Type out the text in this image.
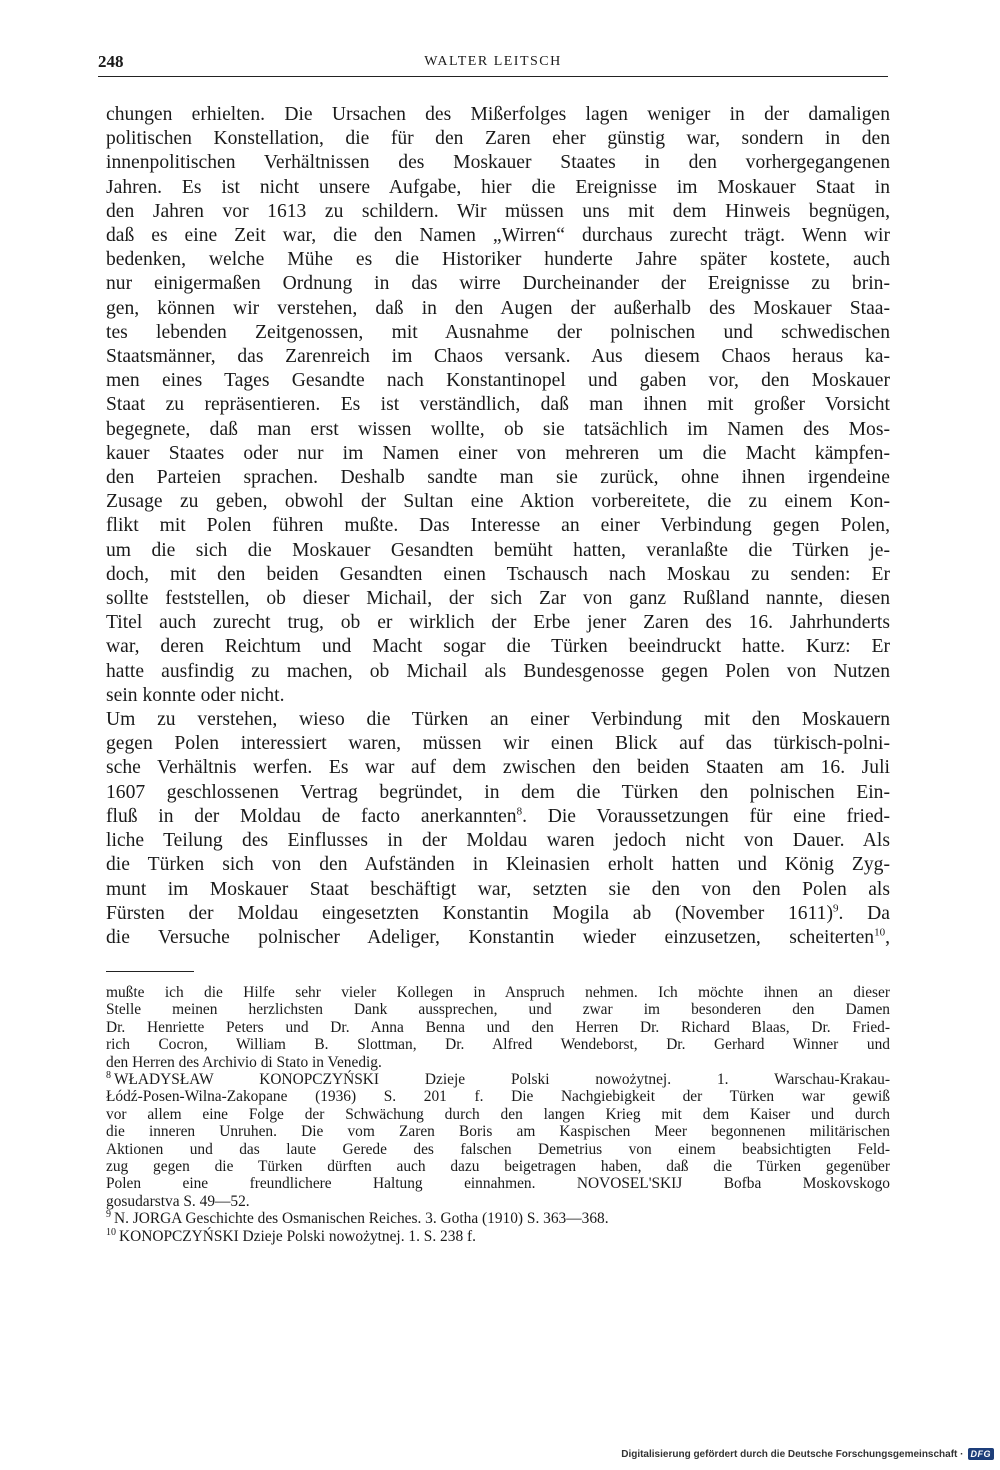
248	WALTER LEITSCH
chungen erhielten. Die Ursachen des Mißerfolges lagen weniger in der damaligen
politischen Konstellation, die für den Zaren eher günstig war, sondern in den
innenpolitischen Verhältnissen des Moskauer Staates in den vorhergegangenen
Jahren. Es ist nicht unsere Aufgabe, hier die Ereignisse im Moskauer Staat in
den Jahren vor 1613 zu schildern. Wir müssen uns mit dem Hinweis begnügen,
daß es eine Zeit war, die den Namen „Wirren“ durchaus zurecht trägt. Wenn wir
bedenken, welche Mühe es die Historiker hunderte Jahre später kostete, auch
nur einigermaßen Ordnung in das wirre Durcheinander der Ereignisse zu brin-
gen, können wir verstehen, daß in den Augen der außerhalb des Moskauer Staa-
tes lebenden Zeitgenossen, mit Ausnahme der polnischen und schwedischen
Staatsmänner, das Zarenreich im Chaos versank. Aus diesem Chaos heraus ka-
men eines Tages Gesandte nach Konstantinopel und gaben vor, den Moskauer
Staat zu repräsentieren. Es ist verständlich, daß man ihnen mit großer Vorsicht
begegnete, daß man erst wissen wollte, ob sie tatsächlich im Namen des Mos-
kauer Staates oder nur im Namen einer von mehreren um die Macht kämpfen-
den Parteien sprachen. Deshalb sandte man sie zurück, ohne ihnen irgendeine
Zusage zu geben, obwohl der Sultan eine Aktion vorbereitete, die zu einem Kon-
flikt mit Polen führen mußte. Das Interesse an einer Verbindung gegen Polen,
um die sich die Moskauer Gesandten bemüht hatten, veranlaßte die Türken je-
doch, mit den beiden Gesandten einen Tschausch nach Moskau zu senden: Er
sollte feststellen, ob dieser Michail, der sich Zar von ganz Rußland nannte, diesen
Titel auch zurecht trug, ob er wirklich der Erbe jener Zaren des 16. Jahrhunderts
war, deren Reichtum und Macht sogar die Türken beeindruckt hatte. Kurz: Er
hatte ausfindig zu machen, ob Michail als Bundesgenosse gegen Polen von Nutzen
sein konnte oder nicht.
Um zu verstehen, wieso die Türken an einer Verbindung mit den Moskauern
gegen Polen interessiert waren, müssen wir einen Blick auf das türkisch-polni-
sche Verhältnis werfen. Es war auf dem zwischen den beiden Staaten am 16. Juli
1607 geschlossenen Vertrag begründet, in dem die Türken den polnischen Ein-
fluß in der Moldau de facto anerkannten$^8$. Die Voraussetzungen für eine fried-
liche Teilung des Einflusses in der Moldau waren jedoch nicht von Dauer. Als
die Türken sich von den Aufständen in Kleinasien erholt hatten und König Zyg-
munt im Moskauer Staat beschäftigt war, setzten sie den von den Polen als
Fürsten der Moldau eingesetzten Konstantin Mogila ab (November 1611)$^9$. Da
die Versuche polnischer Adeliger, Konstantin wieder einzusetzen, scheiterten$^{10}$,
mußte ich die Hilfe sehr vieler Kollegen in Anspruch nehmen. Ich möchte ihnen an dieser
Stelle meinen herzlichsten Dank aussprechen, und zwar im besonderen den Damen
Dr. Henriette Peters und Dr. Anna Benna und den Herren Dr. Richard Blaas, Dr. Fried-
rich Cocron, William B. Slottman, Dr. Alfred Wendeborst, Dr. Gerhard Winner und
den Herren des Archivio di Stato in Venedig.
$^8$ WŁADYSŁAW KONOPCZYŃSKI Dzieje Polski nowożytnej. 1. Warschau-Krakau-
Łódź-Posen-Wilna-Zakopane (1936) S. 201 f. Die Nachgiebigkeit der Türken war gewiß
vor allem eine Folge der Schwächung durch den langen Krieg mit dem Kaiser und durch
die inneren Unruhen. Die vom Zaren Boris am Kaspischen Meer begonnenen militärischen
Aktionen und das laute Gerede des falschen Demetrius von einem beabsichtigten Feld-
zug gegen die Türken dürften auch dazu beigetragen haben, daß die Türken gegenüber
Polen eine freundlichere Haltung einnahmen. NOVOSEL'SKIJ Bofba Moskovskogo
gosudarstva S. 49—52.
$^9$ N. JORGA Geschichte des Osmanischen Reiches. 3. Gotha (1910) S. 363—368.
$^{10}$ KONOPCZYŃSKI Dzieje Polski nowożytnej. 1. S. 238 f.
Digitalisierung gefördert durch die Deutsche Forschungsgemeinschaft · DFG
